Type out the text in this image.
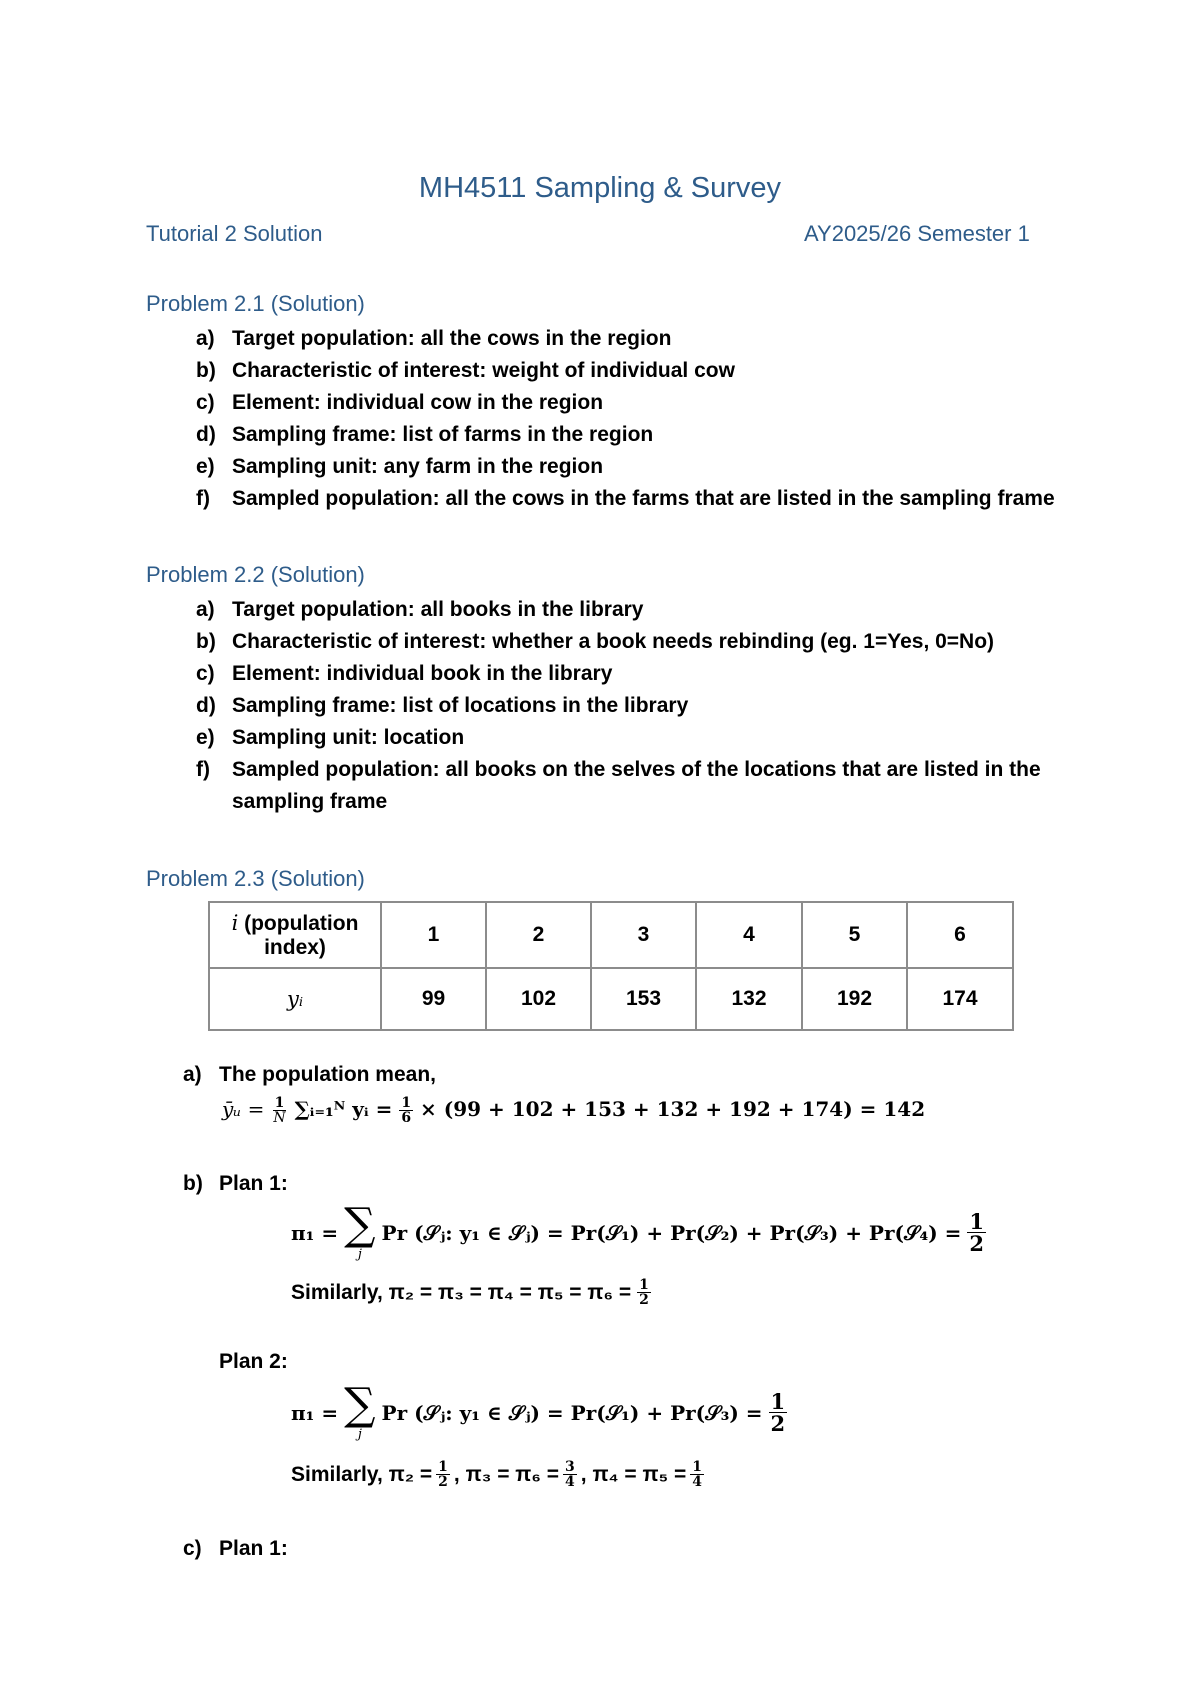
MH4511 Sampling & Survey
Tutorial 2 Solution	AY2025/26 Semester 1
Problem 2.1 (Solution)
a) Target population: all the cows in the region
b) Characteristic of interest: weight of individual cow
c) Element: individual cow in the region
d) Sampling frame: list of farms in the region
e) Sampling unit: any farm in the region
f) Sampled population: all the cows in the farms that are listed in the sampling frame
Problem 2.2 (Solution)
a) Target population: all books in the library
b) Characteristic of interest: whether a book needs rebinding (eg. 1=Yes, 0=No)
c) Element: individual book in the library
d) Sampling frame: list of locations in the library
e) Sampling unit: location
f) Sampled population: all books on the selves of the locations that are listed in the sampling frame
Problem 2.3 (Solution)
i (population index)	1	2	3	4	5	6
yᵢ	99	102	153	132	192	174
a) The population mean,
ȳᵤ = $\frac{1}{N}$ ∑ᵢ₌₁ᴺ yᵢ = $\frac{1}{6} \times (99 + 102 + 153 + 132 + 192 + 174) = 142$
b) Plan 1:
π₁ = ∑
j
Pr (𝒮ⱼ: y₁ ∈ 𝒮ⱼ) = Pr(𝒮₁) + Pr(𝒮₂) + Pr(𝒮₃) + Pr(𝒮₄) = $\frac{1}{2}$
Similarly, $\pi_2 = \pi_3 = \pi_4 = \pi_5 = \pi_6 = \frac{1}{2}$
Plan 2:
π₁ = ∑
j
Pr (𝒮ⱼ: y₁ ∈ 𝒮ⱼ) = Pr(𝒮₁) + Pr(𝒮₃) = $\frac{1}{2}$
Similarly, $\pi_2 = \frac{1}{2}$ , $\pi_3 = \pi_6 = \frac{3}{4}$ , $\pi_4 = \pi_5 = \frac{1}{4}$
c) Plan 1:
